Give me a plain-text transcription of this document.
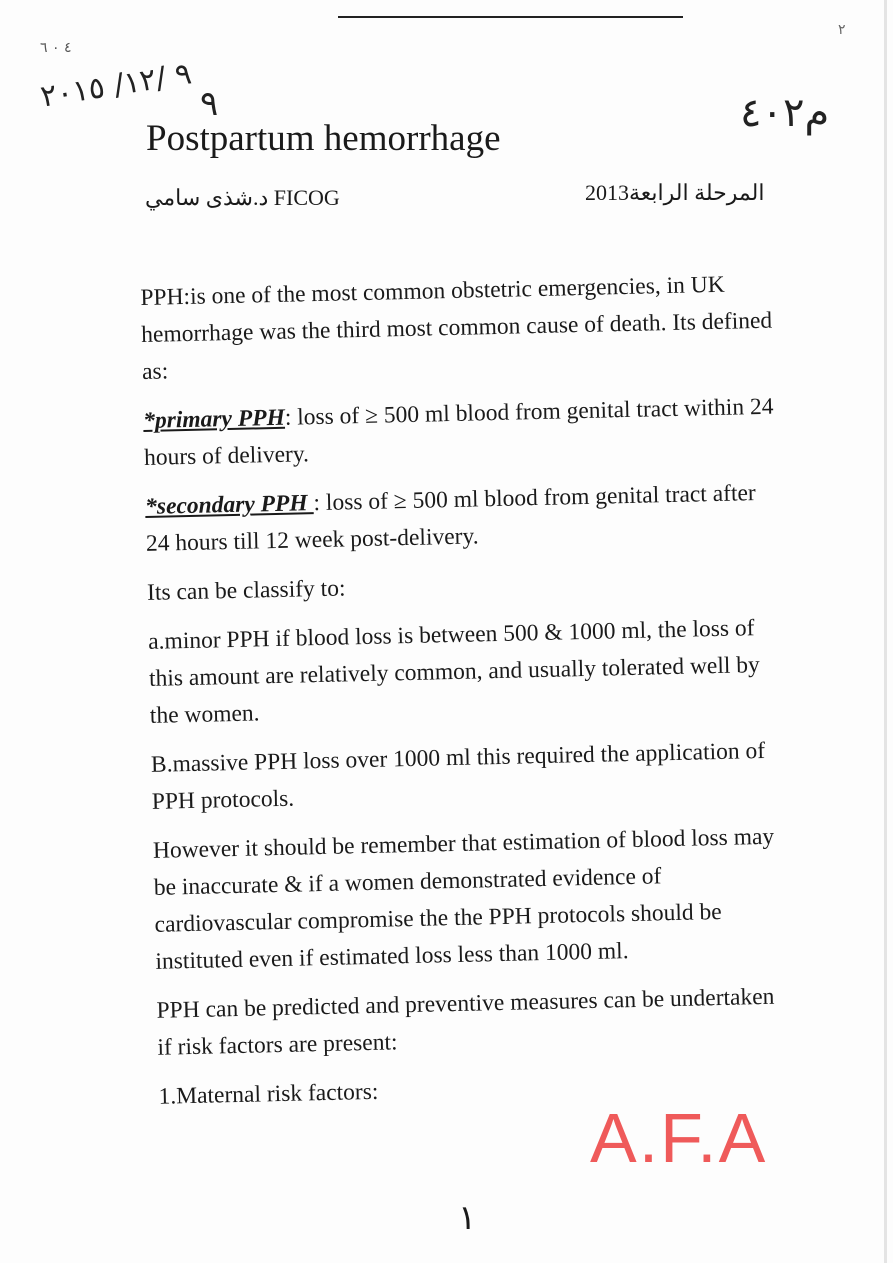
٤ ٠ ٦
٩ /١٢/ ٢٠١٥
٩
٢
م٤٠٢
Postpartum hemorrhage
د.شذى سامي FICOG	المرحلة الرابعة2013

PPH:is one of the most common obstetric emergencies, in UK hemorrhage was the third most common cause of death. Its defined as:

*primary PPH: loss of ≥ 500 ml blood from genital tract within 24 hours of delivery.

*secondary PPH : loss of ≥ 500 ml blood from genital tract after 24 hours till 12 week post-delivery.

Its can be classify to:

a.minor PPH if blood loss is between 500 & 1000 ml, the loss of this amount are relatively common, and usually tolerated well by the women.

B.massive PPH loss over 1000 ml this required the application of PPH protocols.

However it should be remember that estimation of blood loss may be inaccurate & if a women demonstrated evidence of cardiovascular compromise the the PPH protocols should be instituted even if estimated loss less than 1000 ml.

PPH can be predicted and preventive measures can be undertaken if risk factors are present:

1.Maternal risk factors:

A.F.A
١
